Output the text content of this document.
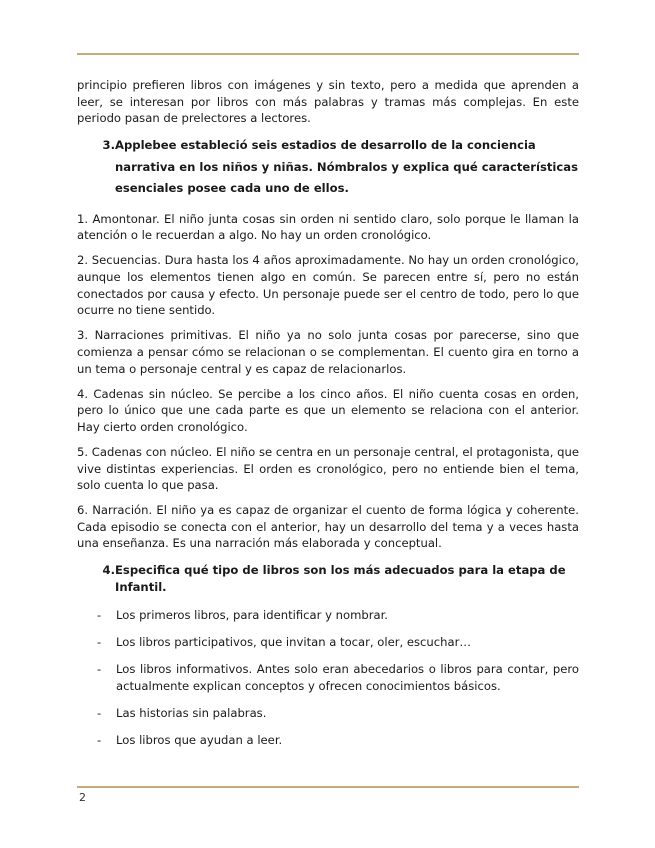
principio prefieren libros con imágenes y sin texto, pero a medida que aprenden a leer, se interesan por libros con más palabras y tramas más complejas. En este periodo pasan de prelectores a lectores.

3. Applebee estableció seis estadios de desarrollo de la conciencia narrativa en los niños y niñas. Nómbralos y explica qué características esenciales posee cada uno de ellos.

1. Amontonar. El niño junta cosas sin orden ni sentido claro, solo porque le llaman la atención o le recuerdan a algo. No hay un orden cronológico.

2. Secuencias. Dura hasta los 4 años aproximadamente. No hay un orden cronológico, aunque los elementos tienen algo en común. Se parecen entre sí, pero no están conectados por causa y efecto. Un personaje puede ser el centro de todo, pero lo que ocurre no tiene sentido.

3. Narraciones primitivas. El niño ya no solo junta cosas por parecerse, sino que comienza a pensar cómo se relacionan o se complementan. El cuento gira en torno a un tema o personaje central y es capaz de relacionarlos.

4. Cadenas sin núcleo. Se percibe a los cinco años. El niño cuenta cosas en orden, pero lo único que une cada parte es que un elemento se relaciona con el anterior. Hay cierto orden cronológico.

5. Cadenas con núcleo. El niño se centra en un personaje central, el protagonista, que vive distintas experiencias. El orden es cronológico, pero no entiende bien el tema, solo cuenta lo que pasa.

6. Narración. El niño ya es capaz de organizar el cuento de forma lógica y coherente. Cada episodio se conecta con el anterior, hay un desarrollo del tema y a veces hasta una enseñanza. Es una narración más elaborada y conceptual.

4. Especifica qué tipo de libros son los más adecuados para la etapa de Infantil.
-	Los primeros libros, para identificar y nombrar.
-	Los libros participativos, que invitan a tocar, oler, escuchar…
-	Los libros informativos. Antes solo eran abecedarios o libros para contar, pero actualmente explican conceptos y ofrecen conocimientos básicos.
-	Las historias sin palabras.
-	Los libros que ayudan a leer.
2
